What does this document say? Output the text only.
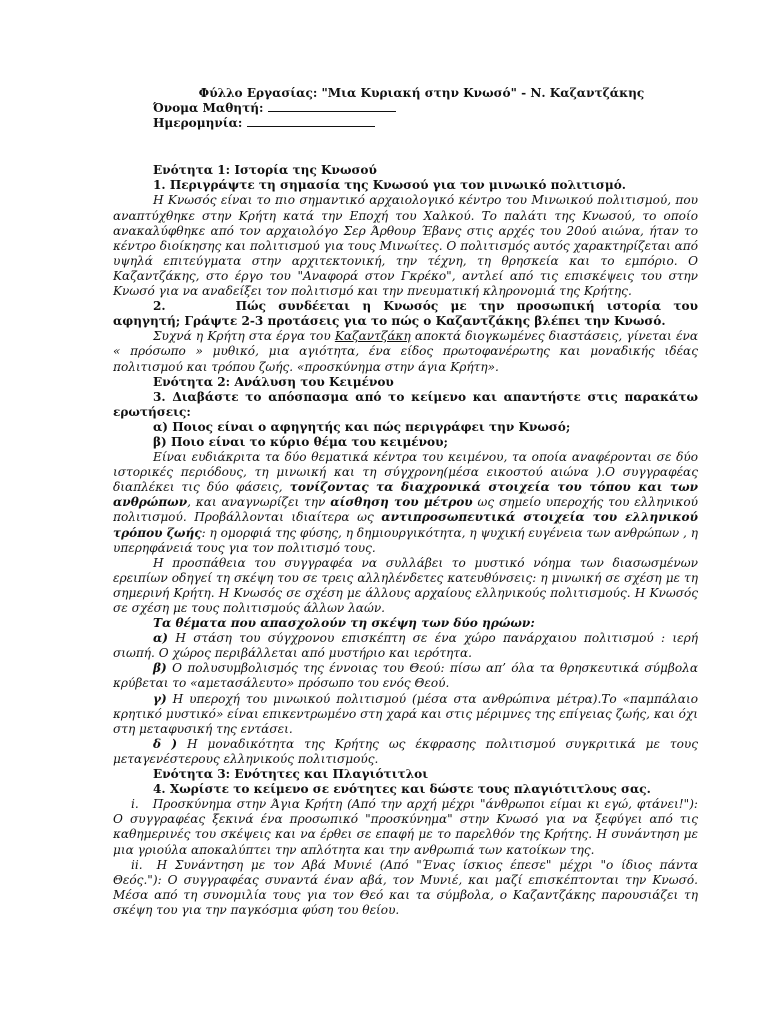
Φύλλο Εργασίας: "Μια Κυριακή στην Κνωσό" - Ν. Καζαντζάκης

Όνομα Μαθητή:

Ημερομηνία:

Ενότητα 1: Ιστορία της Κνωσού

1. Περιγράψτε τη σημασία της Κνωσού για τον μινωικό πολιτισμό.

Η Κνωσός είναι το πιο σημαντικό αρχαιολογικό κέντρο του Μινωικού πολιτισμού, που αναπτύχθηκε στην Κρήτη κατά την Εποχή του Χαλκού. Το παλάτι της Κνωσού, το οποίο ανακαλύφθηκε από τον αρχαιολόγο Σερ Άρθουρ Έβανς στις αρχές του 20ού αιώνα, ήταν το κέντρο διοίκησης και πολιτισμού για τους Μινωίτες. Ο πολιτισμός αυτός χαρακτηρίζεται από υψηλά επιτεύγματα στην αρχιτεκτονική, την τέχνη, τη θρησκεία και το εμπόριο. Ο Καζαντζάκης, στο έργο του "Αναφορά στον Γκρέκο", αντλεί από τις επισκέψεις του στην Κνωσό για να αναδείξει τον πολιτισμό και την πνευματική κληρονομιά της Κρήτης.

2.	Πώς συνδέεται η Κνωσός με την προσωπική ιστορία του αφηγητή; Γράψτε 2-3 προτάσεις για το πώς ο Καζαντζάκης βλέπει την Κνωσό.

Συχνά η Κρήτη στα έργα του Καζαντζάκη αποκτά διογκωμένες διαστάσεις, γίνεται ένα « πρόσωπο » μυθικό, μια αγιότητα, ένα είδος πρωτοφανέρωτης και μοναδικής ιδέας πολιτισμού και τρόπου ζωής. «προσκύνημα στην άγια Κρήτη».

Ενότητα 2: Ανάλυση του Κειμένου

3. Διαβάστε το απόσπασμα από το κείμενο και απαντήστε στις παρακάτω ερωτήσεις:

α) Ποιος είναι ο αφηγητής και πώς περιγράφει την Κνωσό;

β) Ποιο είναι το κύριο θέμα του κειμένου;

Είναι ευδιάκριτα τα δύο θεματικά κέντρα του κειμένου, τα οποία αναφέρονται σε δύο ιστορικές περιόδους, τη μινωική και τη σύγχρονη(μέσα εικοστού αιώνα ).Ο συγγραφέας διαπλέκει τις δύο φάσεις, τονίζοντας τα διαχρονικά στοιχεία του τόπου και των ανθρώπων, και αναγνωρίζει την αίσθηση του μέτρου ως σημείο υπεροχής του ελληνικού πολιτισμού. Προβάλλονται ιδιαίτερα ως αντιπροσωπευτικά στοιχεία του ελληνικού τρόπου ζωής: η ομορφιά της φύσης, η δημιουργικότητα, η ψυχική ευγένεια των ανθρώπων , η υπερηφάνειά τους για τον πολιτισμό τους.

Η προσπάθεια του συγγραφέα να συλλάβει το μυστικό νόημα των διασωσμένων ερειπίων οδηγεί τη σκέψη του σε τρεις αλληλένδετες κατευθύνσεις: η μινωική σε σχέση με τη σημερινή Κρήτη. Η Κνωσός σε σχέση με άλλους αρχαίους ελληνικούς πολιτισμούς. Η Κνωσός σε σχέση με τους πολιτισμούς άλλων λαών.

Τα θέματα που απασχολούν τη σκέψη των δύο ηρώων:

α) Η στάση του σύγχρονου επισκέπτη σε ένα χώρο πανάρχαιου πολιτισμού : ιερή σιωπή. Ο χώρος περιβάλλεται από μυστήριο και ιερότητα.

β) Ο πολυσυμβολισμός της έννοιας του Θεού: πίσω απ’ όλα τα θρησκευτικά σύμβολα κρύβεται το «αμετασάλευτο» πρόσωπο του ενός Θεού.

γ) Η υπεροχή του μινωικού πολιτισμού (μέσα στα ανθρώπινα μέτρα).Το «παμπάλαιο κρητικό μυστικό» είναι επικεντρωμένο στη χαρά και στις μέριμνες της επίγειας ζωής, και όχι στη μεταφυσική της εντάσει.

δ ) Η μοναδικότητα της Κρήτης ως έκφρασης πολιτισμού συγκριτικά με τους μεταγενέστερους ελληνικούς πολιτισμούς.

Ενότητα 3: Ενότητες και Πλαγιότιτλοι

4. Χωρίστε το κείμενο σε ενότητες και δώστε τους πλαγιότιτλους σας.

i. Προσκύνημα στην Άγια Κρήτη (Από την αρχή μέχρι "άνθρωποι είμαι κι εγώ, φτάνει!"): Ο συγγραφέας ξεκινά ένα προσωπικό "προσκύνημα" στην Κνωσό για να ξεφύγει από τις καθημερινές του σκέψεις και να έρθει σε επαφή με το παρελθόν της Κρήτης. Η συνάντηση με μια γριούλα αποκαλύπτει την απλότητα και την ανθρωπιά των κατοίκων της.

ii. Η Συνάντηση με τον Αβά Μυνιέ (Από "Ένας ίσκιος έπεσε" μέχρι "ο ίδιος πάντα Θεός."): Ο συγγραφέας συναντά έναν αβά, τον Μυνιέ, και μαζί επισκέπτονται την Κνωσό. Μέσα από τη συνομιλία τους για τον Θεό και τα σύμβολα, ο Καζαντζάκης παρουσιάζει τη σκέψη του για την παγκόσμια φύση του θείου.
